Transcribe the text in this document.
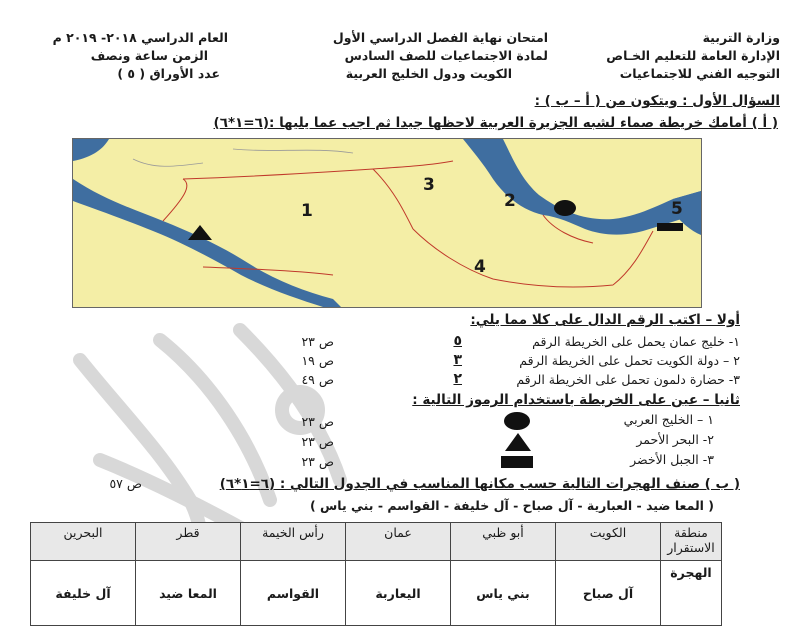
وزارة التربية
الإدارة العامة للتعليم الخـاص
التوجيه الفني للاجتماعيات
امتحان نهاية الفصل الدراسي الأول
لمادة الاجتماعيات للصف السادس
الكويت ودول الخليج العربية
العام الدراسي ٢٠١٨- ٢٠١٩ م
الزمن ساعة ونصف
عدد الأوراق ( ٥ )
السؤال الأول : ويتكون من ( أ – ب ) :
( أ ) أمامك خريطة صماء لشبه الجزيرة العربية لاحظها جيدا ثم اجب عما يليها :(٦=١*٦)
1	2
3
4
5
أولا – اكتب الرقم الدال على كلا مما يلي:
١- خليج عمان يحمل على الخريطة الرقم
٥
ص ٢٣
٢ – دولة الكويت تحمل على الخريطة الرقم
٣
ص ١٩
٣- حضارة دلمون تحمل على الخريطة الرقم
٢
ص ٤٩
ثانيا – عين على الخريطة باستخدام الرموز التالية :
١ – الخليج العربي
ص ٢٣
٢- البحر الأحمر
ص ٢٣
٣- الجبل الأخضر
ص ٢٣
( ب ) صنف الهجرات التالية حسب مكانها المناسب في الجدول التالي : (٦=١*٦)
ص ٥٧
( المعا ضيد - العبارية - آل صباح - آل خليفة - القواسم - بني ياس )
منطقة الاستقرار	الكويت	أبو ظبي	عمان	رأس الخيمة	قطر	البحرين
الهجرة	آل صباح	بني ياس	اليعاربة	القواسم	المعا ضيد	آل خليفة
